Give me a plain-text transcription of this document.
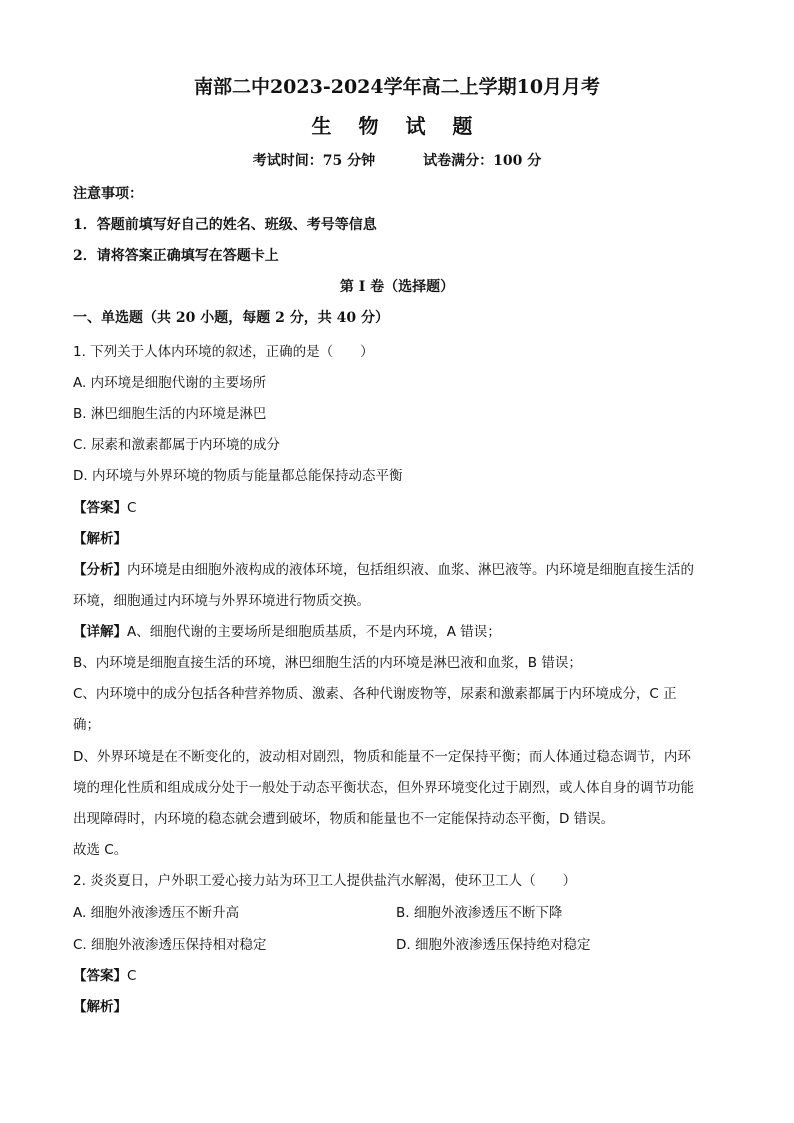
南部二中2023-2024学年高二上学期10月月考
生 物 试 题
考试时间：75 分钟	试卷满分：100 分
注意事项：
1．答题前填写好自己的姓名、班级、考号等信息
2．请将答案正确填写在答题卡上
第 I 卷（选择题）
一、单选题（共 20 小题，每题 2 分，共 40 分）
1. 下列关于人体内环境的叙述，正确的是（　　）
A. 内环境是细胞代谢的主要场所
B. 淋巴细胞生活的内环境是淋巴
C. 尿素和激素都属于内环境的成分
D. 内环境与外界环境的物质与能量都总能保持动态平衡
【答案】C
【解析】
【分析】内环境是由细胞外液构成的液体环境，包括组织液、血浆、淋巴液等。内环境是细胞直接生活的
环境，细胞通过内环境与外界环境进行物质交换。
【详解】A、细胞代谢的主要场所是细胞质基质，不是内环境，A 错误；
B、内环境是细胞直接生活的环境，淋巴细胞生活的内环境是淋巴液和血浆，B 错误；
C、内环境中的成分包括各种营养物质、激素、各种代谢废物等，尿素和激素都属于内环境成分，C 正
确；
D、外界环境是在不断变化的，波动相对剧烈，物质和能量不一定保持平衡；而人体通过稳态调节，内环
境的理化性质和组成成分处于一般处于动态平衡状态，但外界环境变化过于剧烈，或人体自身的调节功能
出现障碍时，内环境的稳态就会遭到破坏，物质和能量也不一定能保持动态平衡，D 错误。
故选 C。
2. 炎炎夏日，户外职工爱心接力站为环卫工人提供盐汽水解渴，使环卫工人（　　）
A. 细胞外液渗透压不断升高	B. 细胞外液渗透压不断下降
C. 细胞外液渗透压保持相对稳定	D. 细胞外液渗透压保持绝对稳定
【答案】C
【解析】
